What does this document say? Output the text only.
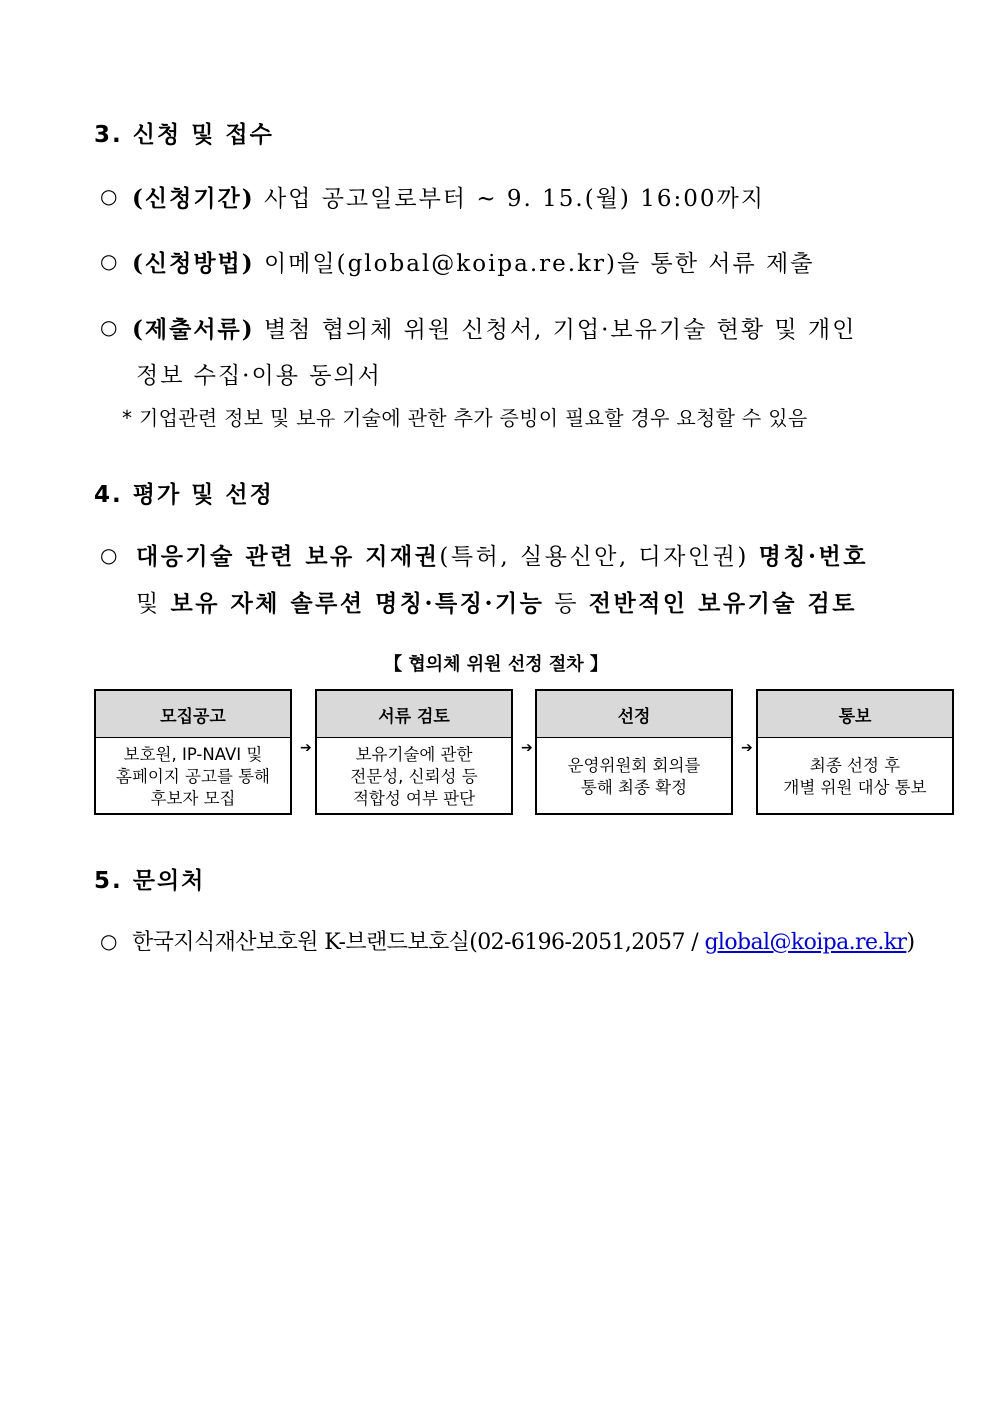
3. 신청 및 접수
○ (신청기간) 사업 공고일로부터 ~ 9. 15.(월) 16:00까지
○ (신청방법) 이메일(global@koipa.re.kr)을 통한 서류 제출
○ (제출서류) 별첨 협의체 위원 신청서, 기업·보유기술 현황 및 개인
정보 수집·이용 동의서
* 기업관련 정보 및 보유 기술에 관한 추가 증빙이 필요할 경우 요청할 수 있음
4. 평가 및 선정
○ 대응기술 관련 보유 지재권(특허, 실용신안, 디자인권) 명칭·번호
및 보유 자체 솔루션 명칭·특징·기능 등 전반적인 보유기술 검토
【 협의체 위원 선정 절차 】
모집공고
보호원, IP-NAVI 및
홈페이지 공고를 통해
후보자 모집
➔
서류 검토
보유기술에 관한
전문성, 신뢰성 등
적합성 여부 판단
➔
선정
운영위원회 회의를
통해 최종 확정
➔
통보
최종 선정 후
개별 위원 대상 통보
5. 문의처
○ 한국지식재산보호원 K-브랜드보호실(02-6196-2051,2057 / global@koipa.re.kr)
